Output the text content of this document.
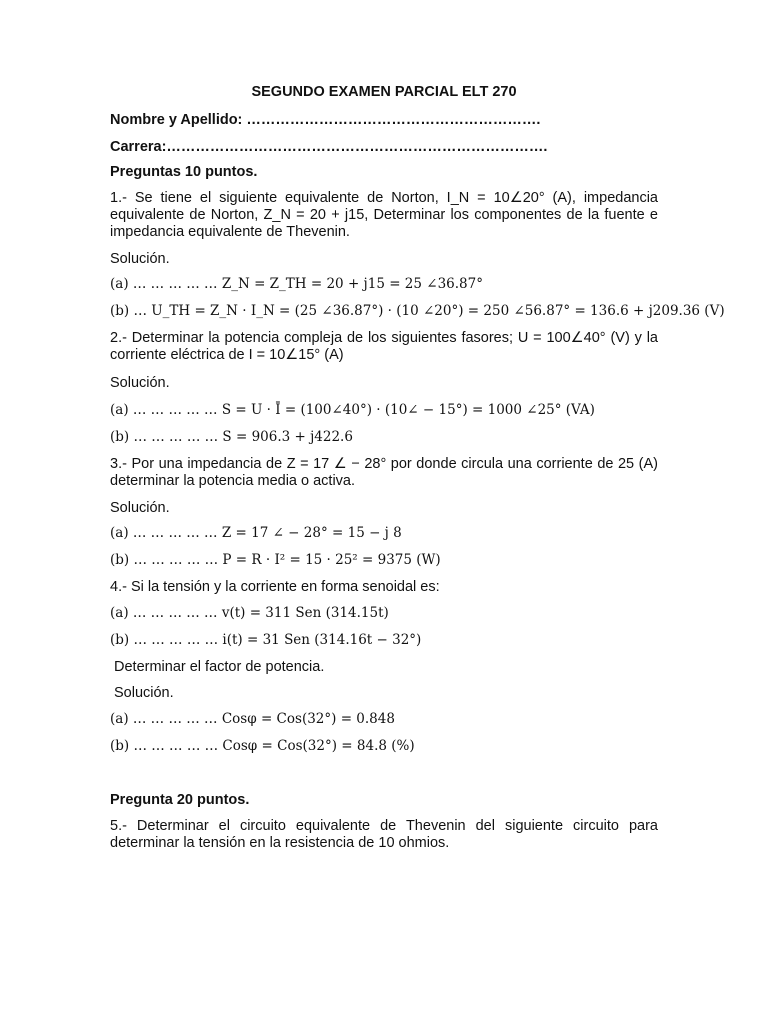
SEGUNDO EXAMEN PARCIAL ELT 270
Nombre y Apellido: …………………………………………………….
Carrera:…………………………………………………………………….
Preguntas 10 puntos.
1.- Se tiene el siguiente equivalente de Norton, I_N = 10∠20° (A), impedancia equivalente de Norton, Z_N = 20 + j15, Determinar los componentes de la fuente e impedancia equivalente de Thevenin.
Solución.
(a) … … … … … Z_N = Z_TH = 20 + j15 = 25 ∠36.87°
(b) … U_TH = Z_N · I_N = (25 ∠36.87°) · (10 ∠20°) = 250 ∠56.87° = 136.6 + j209.36 (V)
2.- Determinar la potencia compleja de los siguientes fasores; U = 100∠40° (V) y la corriente eléctrica de I = 10∠15° (A)
Solución.
(a) … … … … … S = U · Ī = (100∠40°) · (10∠ − 15°) = 1000 ∠25° (VA)
(b) … … … … … S = 906.3 + j422.6
3.- Por una impedancia de Z = 17 ∠ − 28° por donde circula una corriente de 25 (A) determinar la potencia media o activa.
Solución.
(a) … … … … … Z = 17 ∠ − 28° = 15 − j 8
(b) … … … … … P = R · I² = 15 · 25² = 9375 (W)
4.- Si la tensión y la corriente en forma senoidal es:
(a) … … … … … v(t) = 311 Sen (314.15t)
(b) … … … … … i(t) = 31 Sen (314.16t − 32°)
Determinar el factor de potencia.
Solución.
(a) … … … … … Cosφ = Cos(32°) = 0.848
(b) … … … … … Cosφ = Cos(32°) = 84.8 (%)
Pregunta 20 puntos.
5.- Determinar el circuito equivalente de Thevenin del siguiente circuito para determinar la tensión en la resistencia de 10 ohmios.
